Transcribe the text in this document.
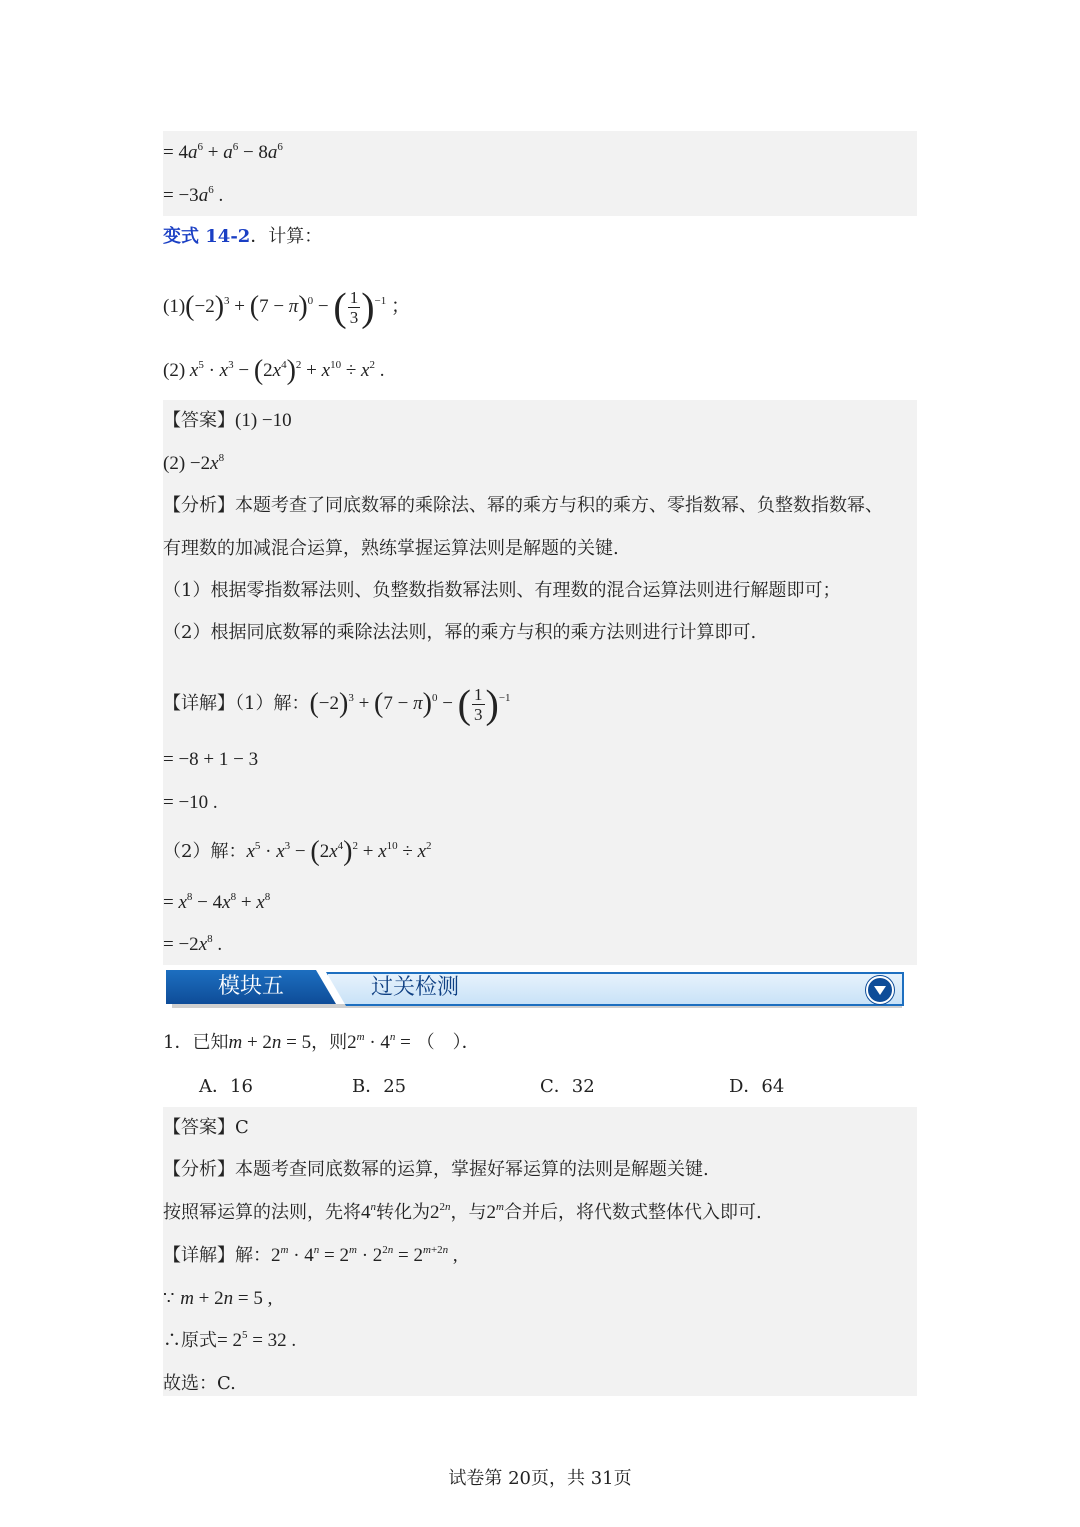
= $4a^6 + a^6 - 8a^6$
= $-3a^6$ .
变式 14-2．计算：
$(1)(-2)^3 + (7 - \pi)^0$ − ( $\frac{1}{3} )^{-1}$ ；
(2) $x^5 \cdot x^3 - (2x^4)^2 + x^{10} \div x^2$ .
【答案】(1) −10
$(2) -2x^8$
【分析】本题考查了同底数幂的乘除法、幂的乘方与积的乘方、零指数幂、负整数指数幂、
有理数的加减混合运算，熟练掌握运算法则是解题的关键.
（1）根据零指数幂法则、负整数指数幂法则、有理数的混合运算法则进行解题即可；
（2）根据同底数幂的乘除法法则，幂的乘方与积的乘方法则进行计算即可.
【详解】（1）解：$(-2)^3 + (7 - \pi)^0$ − ( $\frac{1}{3} )^{-1}$
= −8 + 1 − 3
= −10 .
（2）解：$x^5 \cdot x^3 - (2x^4)^2 + x^{10} \div x^2$
= $x^8 - 4x^8 + x^8$
= $-2x^8$ .
模块五	过关检测
1．已知m + 2n = 5，则$2^m \cdot 4^n$ = （　）．
A．16	B．25	C．32	D．64
【答案】C
【分析】本题考查同底数幂的运算，掌握好幂运算的法则是解题关键.
按照幂运算的法则，先将4$^n$转化为$2^{2n}$，与2$^m$合并后，将代数式整体代入即可.
【详解】解：$2^m \cdot 4^n = 2^m \cdot 2^{2n} = 2^{m+2n}$ ,
∵ m + 2n = 5 ,
∴原式= $2^5 = 32$ .
故选：C.
试卷第 20页，共 31页
